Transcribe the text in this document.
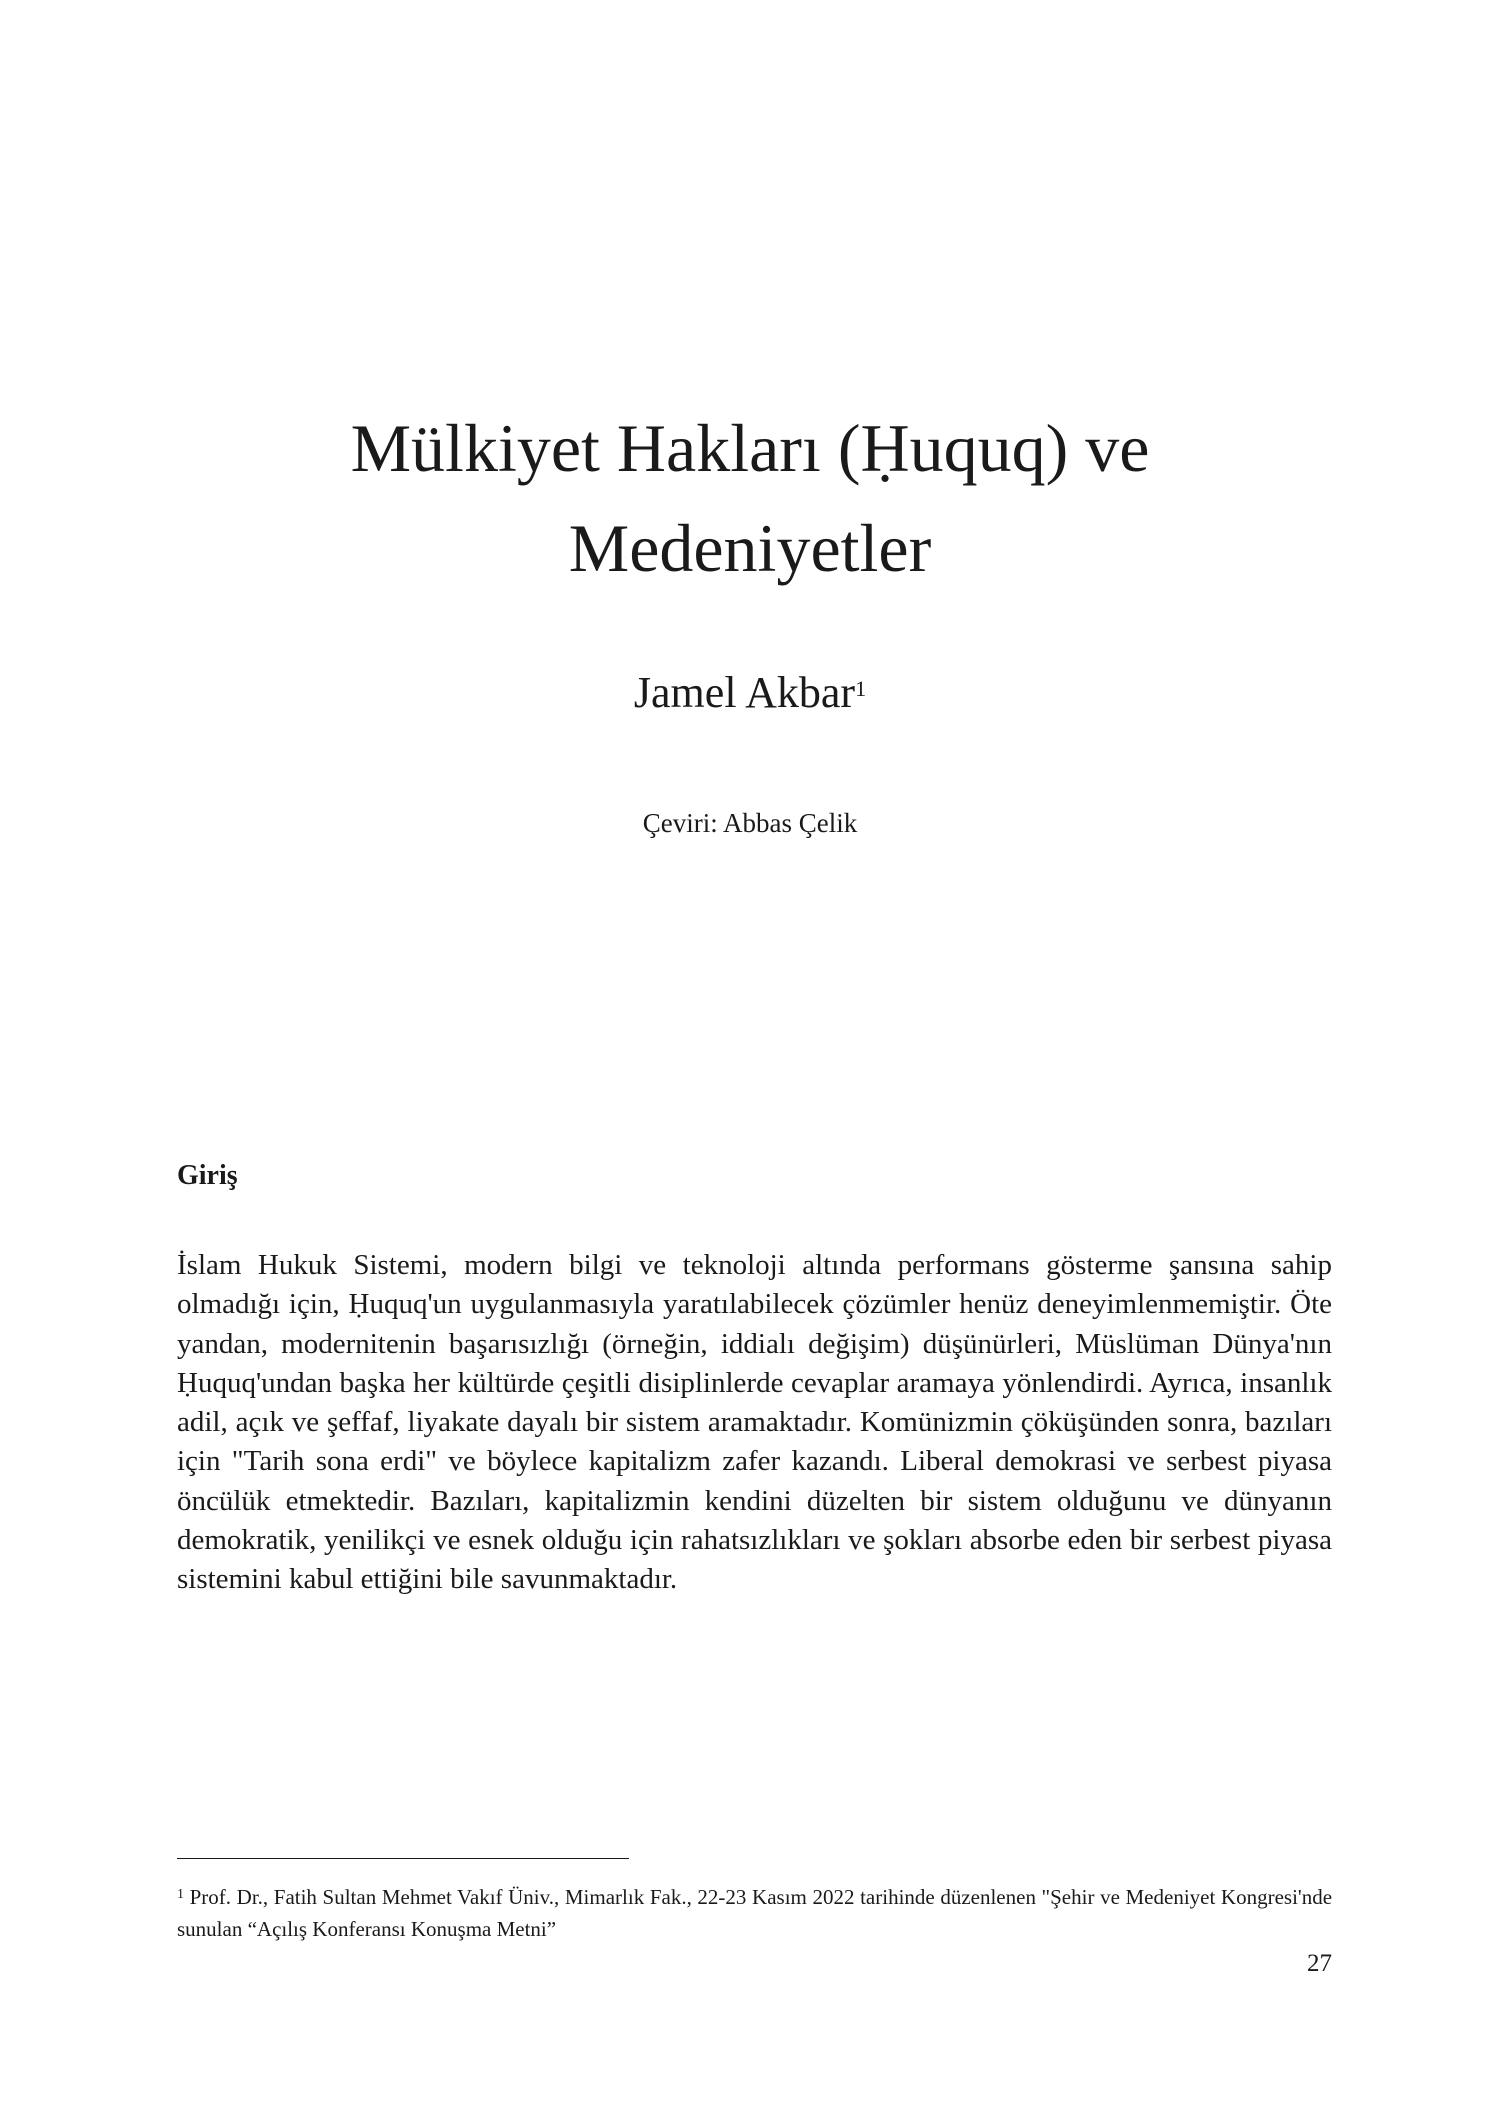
Mülkiyet Hakları (Ḥuquq) ve
Medeniyetler
Jamel Akbar$^1$
Çeviri: Abbas Çelik
Giriş

İslam Hukuk Sistemi, modern bilgi ve teknoloji altında performans gösterme şansına sahip olmadığı için, Ḥuquq'un uygulanmasıyla yaratılabilecek çözümler henüz deneyimlenmemiştir. Öte yandan, modernitenin başarısızlığı (örneğin, iddialı değişim) düşünürleri, Müslüman Dünya'nın Ḥuquq'undan başka her kültürde çeşitli disiplinlerde cevaplar aramaya yönlendirdi. Ayrıca, insanlık adil, açık ve şeffaf, liyakate dayalı bir sistem aramaktadır. Komünizmin çöküşünden sonra, bazıları için "Tarih sona erdi" ve böylece kapitalizm zafer kazandı. Liberal demokrasi ve serbest piyasa öncülük etmektedir. Bazıları, kapitalizmin kendini düzelten bir sistem olduğunu ve dünyanın demokratik, yenilikçi ve esnek olduğu için rahatsızlıkları ve şokları absorbe eden bir serbest piyasa sistemini kabul ettiğini bile savunmaktadır.

$^1$ Prof. Dr., Fatih Sultan Mehmet Vakıf Üniv., Mimarlık Fak., 22-23 Kasım 2022 tarihinde düzenlenen "Şehir ve Medeniyet Kongresi'nde sunulan “Açılış Konferansı Konuşma Metni”

27
